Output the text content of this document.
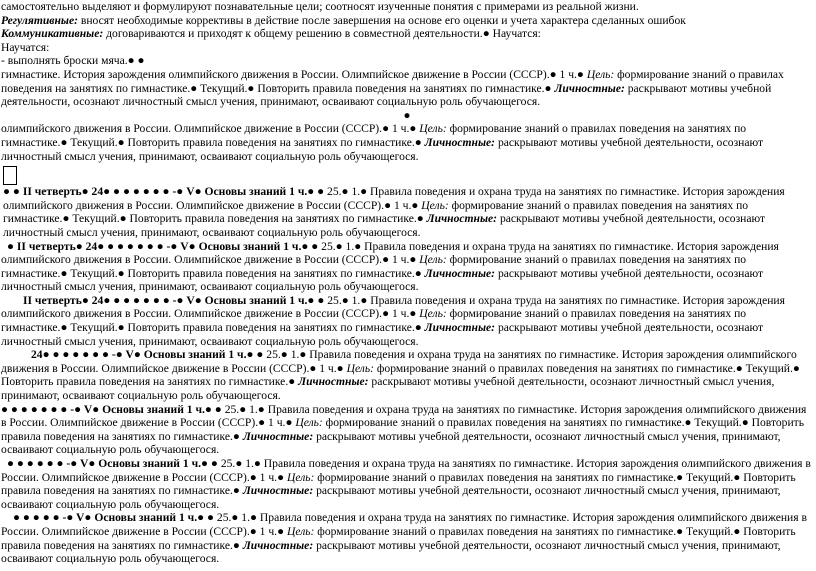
самостоятельно выделяют и формулируют познавательные цели; соотносят изученные понятия с примерами из реальной жизни.

Регулятивные: вносят необходимые коррективы в действие после завершения на основе его оценки и учета характера сделанных ошибок

Коммуникативные: договариваются и приходят к общему решению в совместной деятельности.● Научатся:

Научатся:

- выполнять броски мяча.● ●

гимнастике. История зарождения олимпийского движения в России. Олимпийское движение в России (СССР).● 1 ч.● Цель: формирование знаний о правилах поведения на занятиях по гимнастике.● Текущий.● Повторить правила поведения на занятиях по гимнастике.● Личностные: раскрывают мотивы учебной деятельности, осознают личностный смысл учения, принимают, осваивают социальную роль обучающегося.

●

олимпийского движения в России. Олимпийское движение в России (СССР).● 1 ч.● Цель: формирование знаний о правилах поведения на занятиях по гимнастике.● Текущий.● Повторить правила поведения на занятиях по гимнастике.● Личностные: раскрывают мотивы учебной деятельности, осознают личностный смысл учения, принимают, осваивают социальную роль обучающегося.

● ● II четверть● 24● ● ● ● ● ● ● -● V● Основы знаний 1 ч.● ● 25.● 1.● Правила поведения и охрана труда на занятиях по гимнастике. История зарождения олимпийского движения в России. Олимпийское движение в России (СССР).● 1 ч.● Цель: формирование знаний о правилах поведения на занятиях по гимнастике.● Текущий.● Повторить правила поведения на занятиях по гимнастике.● Личностные: раскрывают мотивы учебной деятельности, осознают личностный смысл учения, принимают, осваивают социальную роль обучающегося.

● II четверть● 24● ● ● ● ● ● ● -● V● Основы знаний 1 ч.● ● 25.● 1.● Правила поведения и охрана труда на занятиях по гимнастике. История зарождения олимпийского движения в России. Олимпийское движение в России (СССР).● 1 ч.● Цель: формирование знаний о правилах поведения на занятиях по гимнастике.● Текущий.● Повторить правила поведения на занятиях по гимнастике.● Личностные: раскрывают мотивы учебной деятельности, осознают личностный смысл учения, принимают, осваивают социальную роль обучающегося.

II четверть● 24● ● ● ● ● ● ● -● V● Основы знаний 1 ч.● ● 25.● 1.● Правила поведения и охрана труда на занятиях по гимнастике. История зарождения олимпийского движения в России. Олимпийское движение в России (СССР).● 1 ч.● Цель: формирование знаний о правилах поведения на занятиях по гимнастике.● Текущий.● Повторить правила поведения на занятиях по гимнастике.● Личностные: раскрывают мотивы учебной деятельности, осознают личностный смысл учения, принимают, осваивают социальную роль обучающегося.

24● ● ● ● ● ● ● -● V● Основы знаний 1 ч.● ● 25.● 1.● Правила поведения и охрана труда на занятиях по гимнастике. История зарождения олимпийского движения в России. Олимпийское движение в России (СССР).● 1 ч.● Цель: формирование знаний о правилах поведения на занятиях по гимнастике.● Текущий.● Повторить правила поведения на занятиях по гимнастике.● Личностные: раскрывают мотивы учебной деятельности, осознают личностный смысл учения, принимают, осваивают социальную роль обучающегося.

● ● ● ● ● ● ● -● V● Основы знаний 1 ч.● ● 25.● 1.● Правила поведения и охрана труда на занятиях по гимнастике. История зарождения олимпийского движения в России. Олимпийское движение в России (СССР).● 1 ч.● Цель: формирование знаний о правилах поведения на занятиях по гимнастике.● Текущий.● Повторить правила поведения на занятиях по гимнастике.● Личностные: раскрывают мотивы учебной деятельности, осознают личностный смысл учения, принимают, осваивают социальную роль обучающегося.

● ● ● ● ● ● -● V● Основы знаний 1 ч.● ● 25.● 1.● Правила поведения и охрана труда на занятиях по гимнастике. История зарождения олимпийского движения в России. Олимпийское движение в России (СССР).● 1 ч.● Цель: формирование знаний о правилах поведения на занятиях по гимнастике.● Текущий.● Повторить правила поведения на занятиях по гимнастике.● Личностные: раскрывают мотивы учебной деятельности, осознают личностный смысл учения, принимают, осваивают социальную роль обучающегося.

● ● ● ● ● -● V● Основы знаний 1 ч.● ● 25.● 1.● Правила поведения и охрана труда на занятиях по гимнастике. История зарождения олимпийского движения в России. Олимпийское движение в России (СССР).● 1 ч.● Цель: формирование знаний о правилах поведения на занятиях по гимнастике.● Текущий.● Повторить правила поведения на занятиях по гимнастике.● Личностные: раскрывают мотивы учебной деятельности, осознают личностный смысл учения, принимают, осваивают социальную роль обучающегося.
